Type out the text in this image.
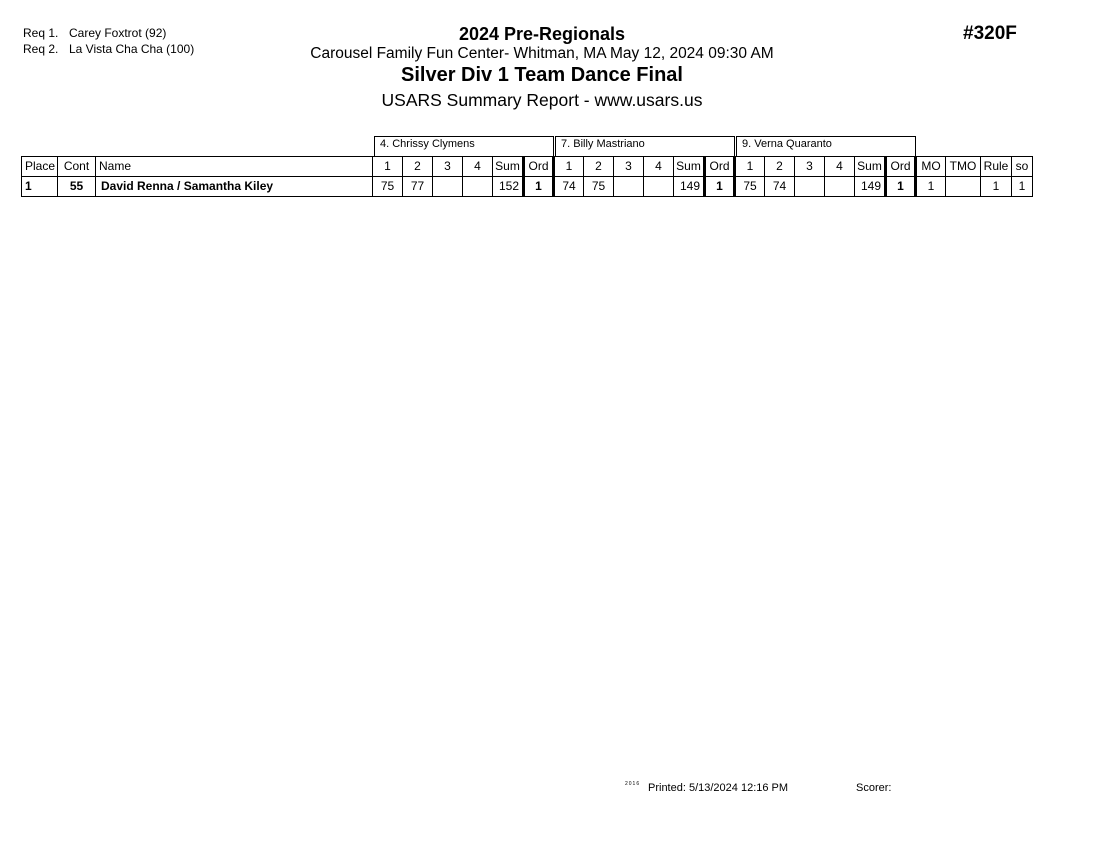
Req 1. Carey Foxtrot (92)
Req 2. La Vista Cha Cha (100)
#320F
2024 Pre-Regionals
Carousel Family Fun Center- Whitman, MA May 12, 2024 09:30 AM
Silver Div 1 Team Dance Final
USARS Summary Report - www.usars.us
4. Chrissy Clymens	7. Billy Mastriano	9. Verna Quaranto
Place	Cont	Name	1	2	3	4	Sum	Ord	1	2	3	4	Sum	Ord	1	2	3	4	Sum	Ord	MO	TMO	Rule	so
1	55	David Renna / Samantha Kiley	75	77			152	1	74	75			149	1	75	74			149	1	1		1	1
2016 Printed: 5/13/2024 12:16 PM	Scorer:
